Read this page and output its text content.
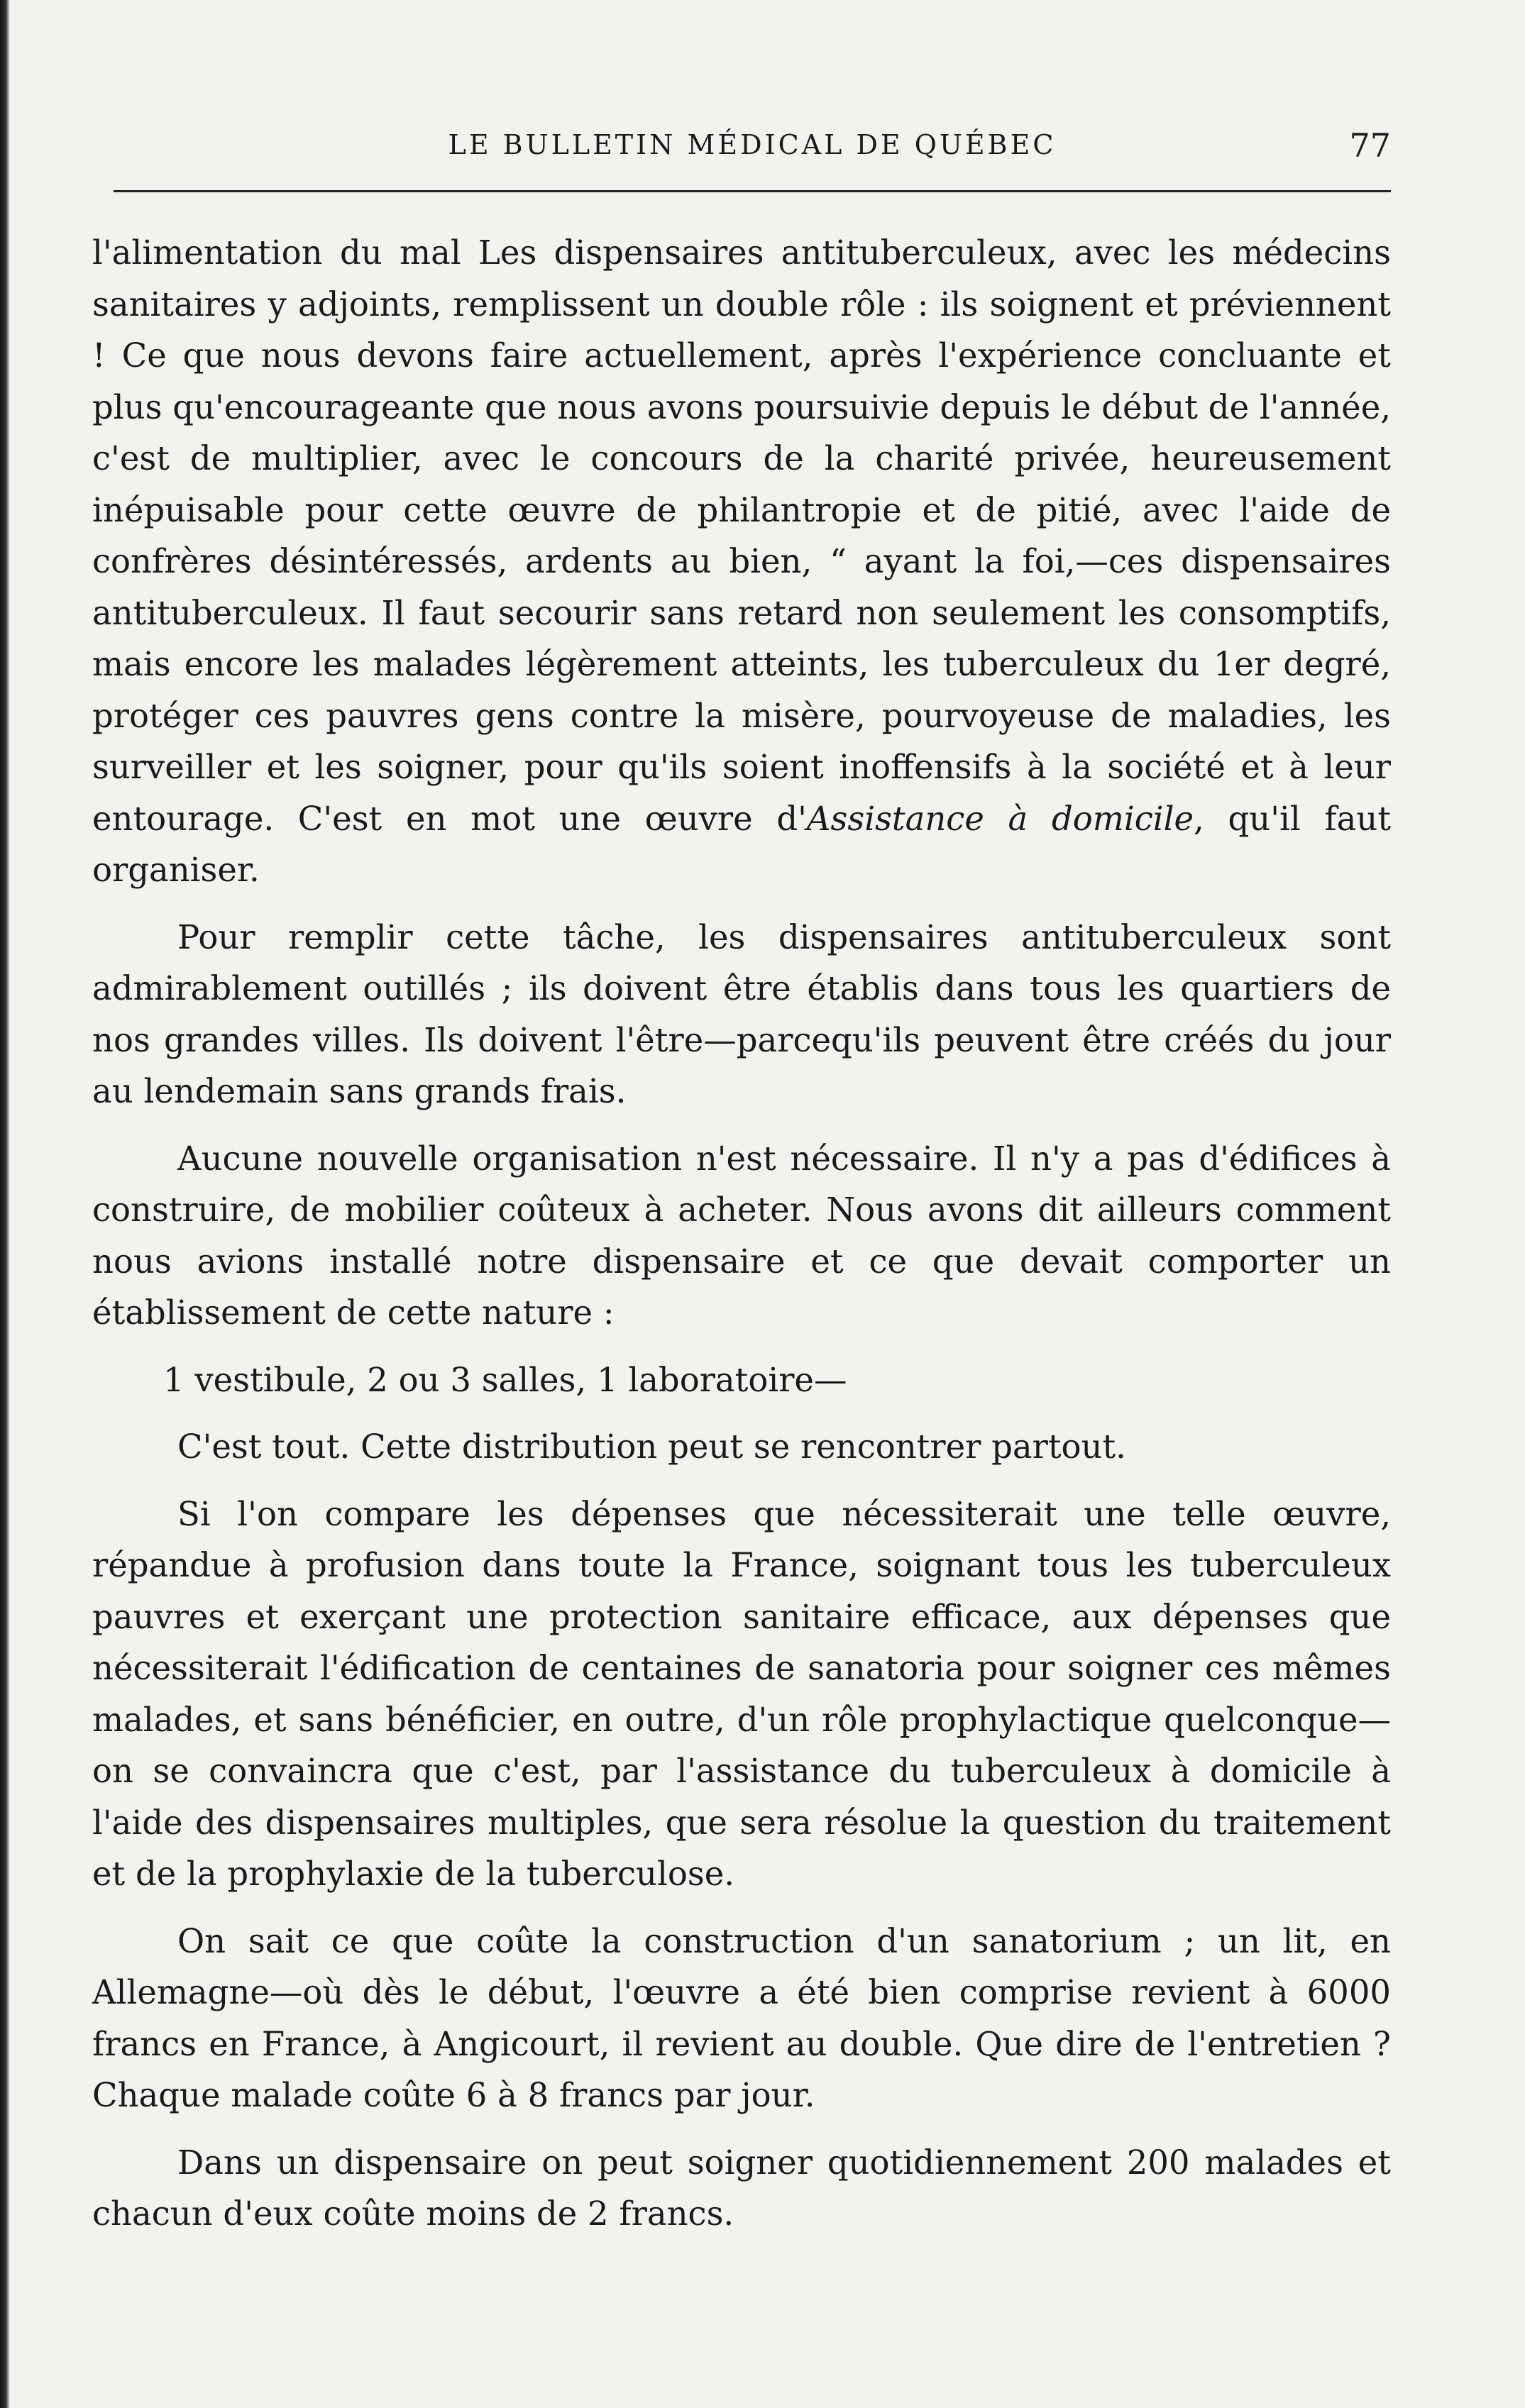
LE BULLETIN MÉDICAL DE QUÉBEC	77

l'alimentation du mal Les dispensaires antituberculeux, avec les médecins sanitaires y adjoints, remplissent un double rôle : ils soignent et préviennent ! Ce que nous devons faire actuellement, après l'expérience concluante et plus qu'encourageante que nous avons poursuivie depuis le début de l'année, c'est de multiplier, avec le concours de la charité privée, heureusement inépuisable pour cette œuvre de philantropie et de pitié, avec l'aide de confrères désintéressés, ardents au bien, “ ayant la foi,—ces dispensaires antituberculeux. Il faut secourir sans retard non seulement les consomptifs, mais encore les malades légèrement atteints, les tuberculeux du 1er degré, protéger ces pauvres gens contre la misère, pourvoyeuse de maladies, les surveiller et les soigner, pour qu'ils soient inoffensifs à la société et à leur entourage. C'est en mot une œuvre d'Assistance à domicile, qu'il faut organiser.

Pour remplir cette tâche, les dispensaires antituberculeux sont admirablement outillés ; ils doivent être établis dans tous les quartiers de nos grandes villes. Ils doivent l'être—parcequ'ils peuvent être créés du jour au lendemain sans grands frais.

Aucune nouvelle organisation n'est nécessaire. Il n'y a pas d'édifices à construire, de mobilier coûteux à acheter. Nous avons dit ailleurs comment nous avions installé notre dispensaire et ce que devait comporter un établissement de cette nature :

1 vestibule, 2 ou 3 salles, 1 laboratoire—

C'est tout. Cette distribution peut se rencontrer partout.

Si l'on compare les dépenses que nécessiterait une telle œuvre, répandue à profusion dans toute la France, soignant tous les tuberculeux pauvres et exerçant une protection sanitaire efficace, aux dépenses que nécessiterait l'édification de centaines de sanatoria pour soigner ces mêmes malades, et sans bénéficier, en outre, d'un rôle prophylactique quelconque—on se convaincra que c'est, par l'assistance du tuberculeux à domicile à l'aide des dispensaires multiples, que sera résolue la question du traitement et de la prophylaxie de la tuberculose.

On sait ce que coûte la construction d'un sanatorium ; un lit, en Allemagne—où dès le début, l'œuvre a été bien comprise revient à 6000 francs en France, à Angicourt, il revient au double. Que dire de l'entretien ? Chaque malade coûte 6 à 8 francs par jour.

Dans un dispensaire on peut soigner quotidiennement 200 malades et chacun d'eux coûte moins de 2 francs.
